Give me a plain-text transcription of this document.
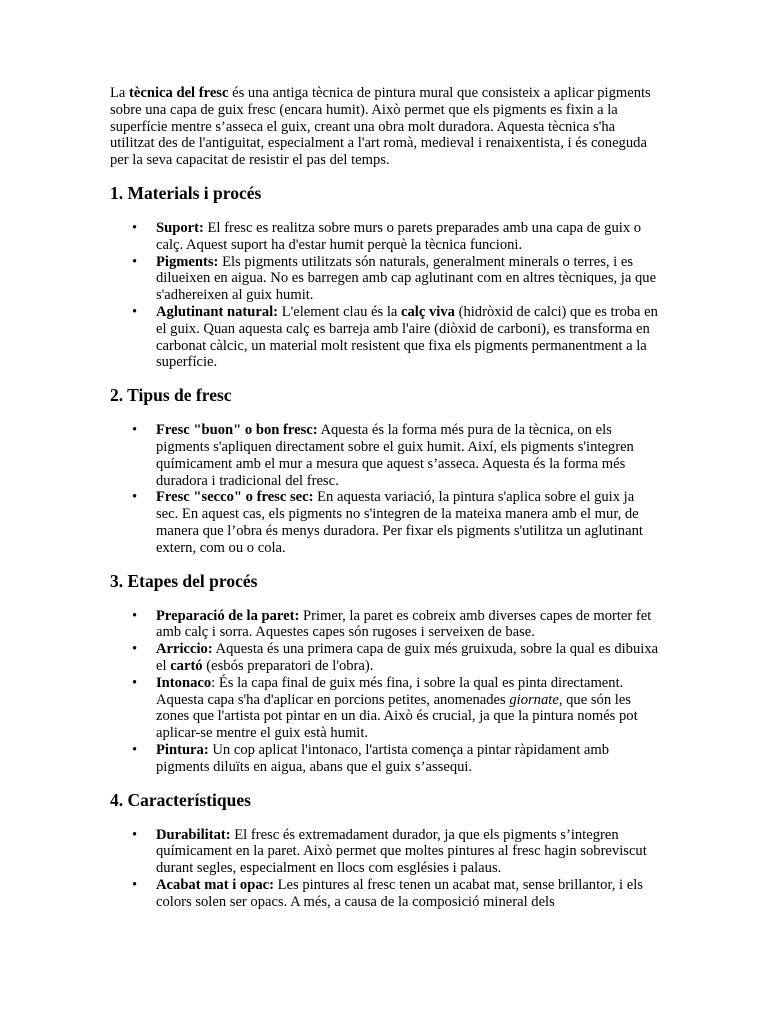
La tècnica del fresc és una antiga tècnica de pintura mural que consisteix a aplicar pigments sobre una capa de guix fresc (encara humit). Això permet que els pigments es fixin a la superfície mentre s’asseca el guix, creant una obra molt duradora. Aquesta tècnica s'ha utilitzat des de l'antiguitat, especialment a l'art romà, medieval i renaixentista, i és coneguda per la seva capacitat de resistir el pas del temps.

1. Materials i procés
• Suport: El fresc es realitza sobre murs o parets preparades amb una capa de guix o calç. Aquest suport ha d'estar humit perquè la tècnica funcioni.
• Pigments: Els pigments utilitzats són naturals, generalment minerals o terres, i es dilueixen en aigua. No es barregen amb cap aglutinant com en altres tècniques, ja que s'adhereixen al guix humit.
• Aglutinant natural: L'element clau és la calç viva (hidròxid de calci) que es troba en el guix. Quan aquesta calç es barreja amb l'aire (diòxid de carboni), es transforma en carbonat càlcic, un material molt resistent que fixa els pigments permanentment a la superfície.
2. Tipus de fresc
• Fresc "buon" o bon fresc: Aquesta és la forma més pura de la tècnica, on els pigments s'apliquen directament sobre el guix humit. Així, els pigments s'integren químicament amb el mur a mesura que aquest s’asseca. Aquesta és la forma més duradora i tradicional del fresc.
• Fresc "secco" o fresc sec: En aquesta variació, la pintura s'aplica sobre el guix ja sec. En aquest cas, els pigments no s'integren de la mateixa manera amb el mur, de manera que l’obra és menys duradora. Per fixar els pigments s'utilitza un aglutinant extern, com ou o cola.
3. Etapes del procés
• Preparació de la paret: Primer, la paret es cobreix amb diverses capes de morter fet amb calç i sorra. Aquestes capes són rugoses i serveixen de base.
• Arriccio: Aquesta és una primera capa de guix més gruixuda, sobre la qual es dibuixa el cartó (esbós preparatori de l'obra).
• Intonaco: És la capa final de guix més fina, i sobre la qual es pinta directament. Aquesta capa s'ha d'aplicar en porcions petites, anomenades giornate, que són les zones que l'artista pot pintar en un dia. Això és crucial, ja que la pintura només pot aplicar-se mentre el guix està humit.
• Pintura: Un cop aplicat l'intonaco, l'artista comença a pintar ràpidament amb pigments diluïts en aigua, abans que el guix s’assequi.
4. Característiques
• Durabilitat: El fresc és extremadament durador, ja que els pigments s’integren químicament en la paret. Això permet que moltes pintures al fresc hagin sobreviscut durant segles, especialment en llocs com esglésies i palaus.
• Acabat mat i opac: Les pintures al fresc tenen un acabat mat, sense brillantor, i els colors solen ser opacs. A més, a causa de la composició mineral dels
